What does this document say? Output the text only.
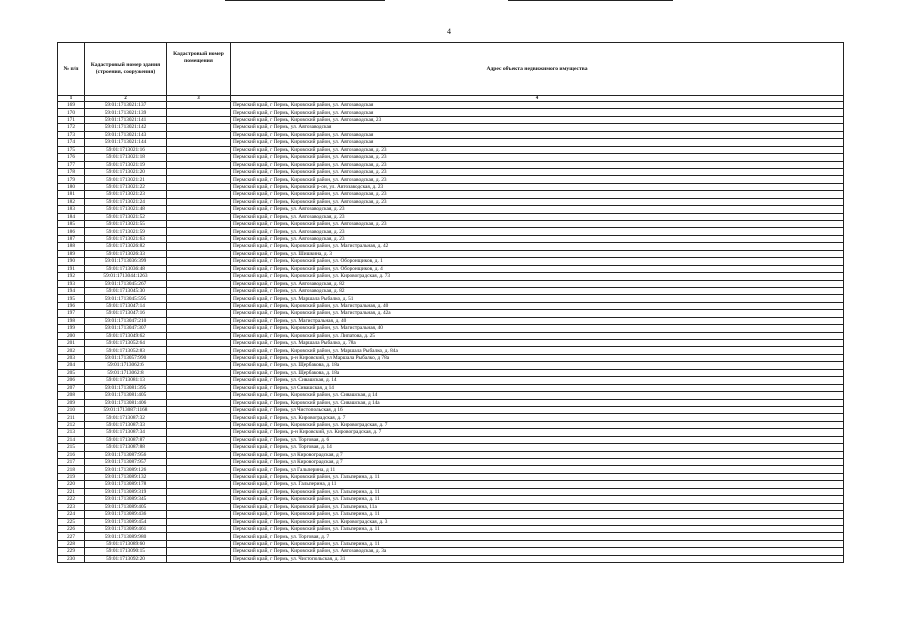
4
№ п/п	Кадастровый номер здания (строения, сооружения)	Кадастровый номер помещения	Адрес объекта недвижимого имущества
1	2	3	4
169	59:01:1713021:137		Пермский край, г Пермь, Кировский район, ул. Автозаводская
170	59:01:1713021:139		Пермский край, г Пермь, Кировский район, ул. Автозаводская
171	59:01:1713021:141		Пермский край, г Пермь, Кировский район, ул. Автозаводская, 23
172	59:01:1713021:142		Пермский край, г Пермь, ул. Автозаводская
173	59:01:1713021:143		Пермский край, г Пермь, Кировский район, ул. Автозаводская
174	59:01:1713021:144		Пермский край, г Пермь, Кировский район, ул. Автозаводская
175	59:01:1713021:16		Пермский край, г Пермь, Кировский район, ул. Автозаводская, д. 23
176	59:01:1713021:18		Пермский край, г Пермь, Кировский район, ул. Автозаводская, д. 23
177	59:01:1713021:19		Пермский край, г Пермь, Кировский район, ул. Автозаводская, д. 23
178	59:01:1713021:20		Пермский край, г Пермь, Кировский район, ул. Автозаводская, д. 23
179	59:01:1713021:21		Пермский край, г Пермь, Кировский район, ул. Автозаводская, д. 23
180	59:01:1713021:22		Пермский край, г Пермь, Кировский р-он, ул. Автозаводская, д. 23
181	59:01:1713021:23		Пермский край, г Пермь, Кировский район, ул. Автозаводская, д. 23
182	59:01:1713021:24		Пермский край, г Пермь, Кировский район, ул. Автозаводская, д. 23
183	59:01:1713021:48		Пермский край, г Пермь, ул. Автозаводская, д. 23
184	59:01:1713021:52		Пермский край, г Пермь, ул. Автозаводская, д. 23
185	59:01:1713021:55		Пермский край, г Пермь, Кировский район, ул. Автозаводская, д. 23
186	59:01:1713021:59		Пермский край, г Пермь, ул. Автозаводская, д. 23
187	59:01:1713021:63		Пермский край, г Пермь, ул. Автозаводская, д. 23
188	59:01:1713026:82		Пермский край, г Пермь, Кировский район, ул. Магистральная, д. 42
189	59:01:1713026:33		Пермский край, г Пермь, ул. Шишкина, д. 3
190	59:01:1713036:399		Пермский край, г Пермь, Кировский район, ул. Оборонщиков, д. 1
191	59:01:1713036:48		Пермский край, г Пермь, Кировский район, ул. Оборонщиков, д. 4
192	59:01:1713044:1263		Пермский край, г Пермь, Кировский район, ул. Кировоградская, д. 73
193	59:01:1713045:267		Пермский край, г Пермь, ул. Автозаводская, д. 82
194	59:01:1713045:30		Пермский край, г Пермь, ул. Автозаводская, д. 82
195	59:01:1713045:595		Пермский край, г Пермь, ул. Маршала Рыбалко, д. 51
196	59:01:1713047:14		Пермский край, г Пермь, Кировский район, ул. Магистральная, д. 40
197	59:01:1713047:16		Пермский край, г Пермь, Кировский район, ул. Магистральная, д. 42а
198	59:01:1713047:210		Пермский край, г Пермь, ул. Магистральная, д. 40
199	59:01:1713047:307		Пермский край, г Пермь, Кировский район, ул. Магистральная, 40
200	59:01:1713049:62		Пермский край, г Пермь, Кировский район, ул. Липатова, д. 25
201	59:01:1713052:64		Пермский край, г Пермь, ул. Маршала Рыбалко, д. 78а
202	59:01:1713052:83		Пермский край, г Пермь, Кировский район, ул. Маршала Рыбалко, д. 84а
203	59:01:1713057:990		Пермский край, г Пермь, р-н Кировский, ул Маршала Рыбалко, д 78а
204	59:01:1713062:6		Пермский край, г Пермь, ул. Щербакова, д. 18а
205	59:01:1713062:8		Пермский край, г Пермь, ул. Щербакова, д. 18а
206	59:01:1713081:13		Пермский край, г Пермь, ул. Сивашская, д. 14
207	59:01:1713081:395		Пермский край, г Пермь, ул Сивашская, д 14
208	59:01:1713081:405		Пермский край, г Пермь, Кировский район, ул. Сивашская, д 14
209	59:01:1713081:406		Пермский край, г Пермь, Кировский район, ул. Сивашская, д 14а
210	59:01:1713087:1168		Пермский край, г Пермь, ул Чистопольская, д 16
211	59:01:1713087:32		Пермский край, г Пермь, ул. Кировоградская, д. 7
212	59:01:1713087:33		Пермский край, г Пермь, Кировский район, ул. Кировоградская, д. 7
213	59:01:1713087:34		Пермский край, г Пермь, р-н Кировский, ул. Кировоградская, д. 7
214	59:01:1713087:87		Пермский край, г Пермь, ул. Торговая, д. 6
215	59:01:1713087:88		Пермский край, г Пермь, ул. Торговая, д. 14
216	59:01:1713087:956		Пермский край, г Пермь, ул Кировоградская, д 7
217	59:01:1713087:957		Пермский край, г Пермь, ул Кировоградская, д 7
218	59:01:1713089:126		Пермский край, г Пермь, ул Гальперина, д 11
219	59:01:1713089:132		Пермский край, г Пермь, Кировский район, ул. Гальперина, д. 11
220	59:01:1713089:178		Пермский край, г Пермь, ул. Гальперина, д 11
221	59:01:1713089:319		Пермский край, г Пермь, Кировский район, ул. Гальперина, д. 11
222	59:01:1713089:345		Пермский край, г Пермь, Кировский район, ул. Гальперина, д. 11
223	59:01:1713089:405		Пермский край, г Пермь, Кировский район, ул. Гальперина, 11а
224	59:01:1713089:436		Пермский край, г Пермь, Кировский район, ул. Гальперина, д. 11
225	59:01:1713089:454		Пермский край, г Пермь, Кировский район, ул. Кировоградская, д. 3
226	59:01:1713089:461		Пермский край, г Пермь, Кировский район, ул. Гальперина, д. 11
227	59:01:1713089:980		Пермский край, г Пермь, ул. Торговая, д. 7
228	59:01:1713089:60		Пермский край, г Пермь, Кировский район, ул. Гальперина, д. 11
229	59:01:1713090:15		Пермский край, г Пермь, Кировский район, ул. Автозаводская, д. 3а
230	59:01:1713092:20		Пермский край, г Пермь, ул. Чистопольская, д. 31
